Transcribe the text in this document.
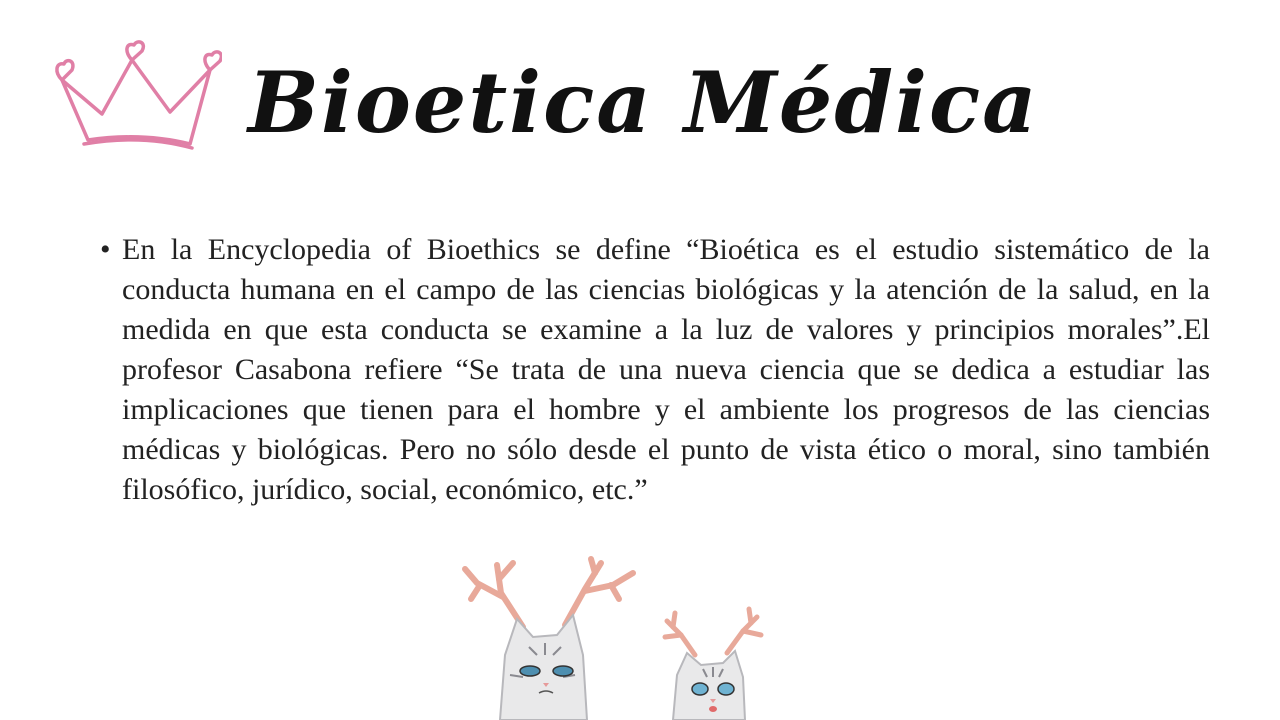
Bioetica Médica
• En la Encyclopedia of Bioethics se define “Bioética es el estudio sistemático de la conducta humana en el campo de las ciencias biológicas y la atención de la salud, en la medida en que esta conducta se examine a la luz de valores y principios morales”.El profesor Casabona refiere “Se trata de una nueva ciencia que se dedica a estudiar las implicaciones que tienen para el hombre y el ambiente los progresos de las ciencias médicas y biológicas. Pero no sólo desde el punto de vista ético o moral, sino también filosófico, jurídico, social, económico, etc.”
